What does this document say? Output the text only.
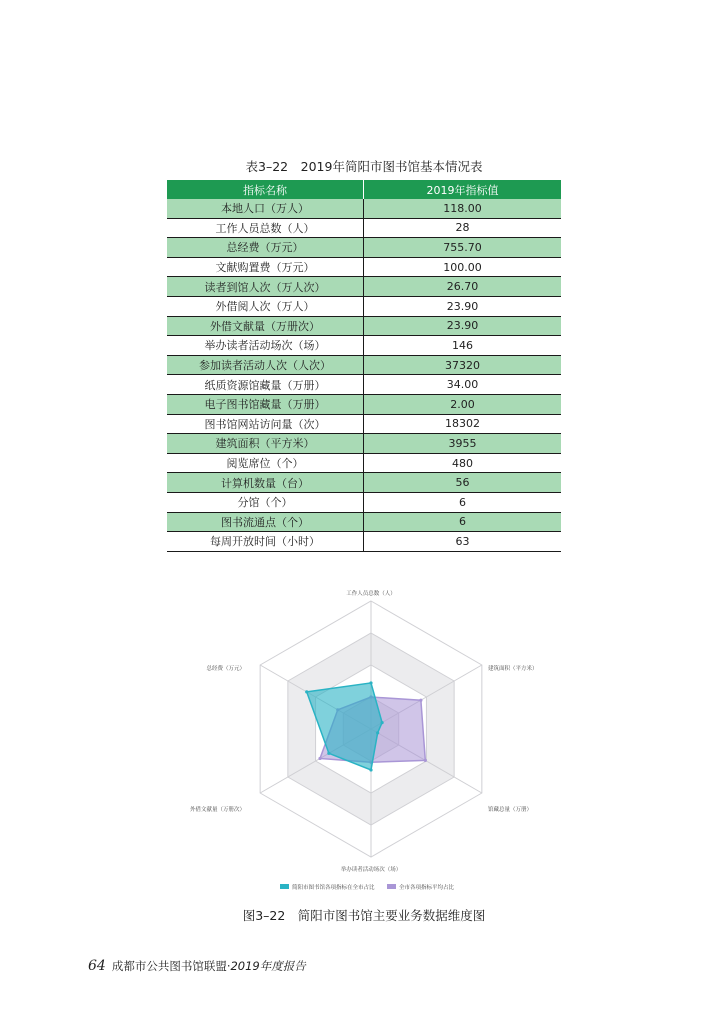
表3–22　2019年简阳市图书馆基本情况表
指标名称	2019年指标值
本地人口（万人）	118.00
工作人员总数（人）	28
总经费（万元）	755.70
文献购置费（万元）	100.00
读者到馆人次（万人次）	26.70
外借阅人次（万人）	23.90
外借文献量（万册次）	23.90
举办读者活动场次（场）	146
参加读者活动人次（人次）	37320
纸质资源馆藏量（万册）	34.00
电子图书馆藏量（万册）	2.00
图书馆网站访问量（次）	18302
建筑面积（平方米）	3955
阅览席位（个）	480
计算机数量（台）	56
分馆（个）	6
图书流通点（个）	6
每周开放时间（小时）	63
工作人员总数（人）
建筑面积（平方米）
馆藏总量（万册）
举办读者活动场次（场）
外借文献量（万册次）
总经费（万元）
简阳市图书馆各项指标在全市占比	全市各项指标平均占比
图3–22　简阳市图书馆主要业务数据维度图
64 成都市公共图书馆联盟·2019年度报告
